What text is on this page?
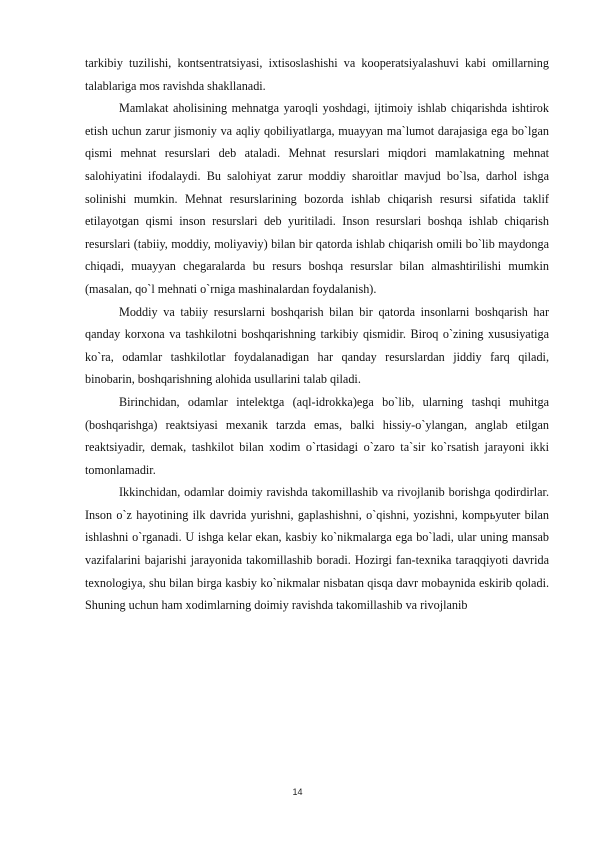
tarkibiy tuzilishi, kontsentratsiyasi, ixtisoslashishi va kooperatsiyalashuvi kabi omillarning talablariga mos ravishda shakllanadi.

Mamlakat aholisining mehnatga yaroqli yoshdagi, ijtimoiy ishlab chiqarishda ishtirok etish uchun zarur jismoniy va aqliy qobiliyatlarga, muayyan ma`lumot darajasiga ega bo`lgan qismi mehnat resurslari deb ataladi. Mehnat resurslari miqdori mamlakatning mehnat salohiyatini ifodalaydi. Bu salohiyat zarur moddiy sharoitlar mavjud bo`lsa, darhol ishga solinishi mumkin. Mehnat resurslarining bozorda ishlab chiqarish resursi sifatida taklif etilayotgan qismi inson resurslari deb yuritiladi. Inson resurslari boshqa ishlab chiqarish resurslari (tabiiy, moddiy, moliyaviy) bilan bir qatorda ishlab chiqarish omili bo`lib maydonga chiqadi, muayyan chegaralarda bu resurs boshqa resurslar bilan almashtirilishi mumkin (masalan, qo`l mehnati o`rniga mashinalardan foydalanish).

Moddiy va tabiiy resurslarni boshqarish bilan bir qatorda insonlarni boshqarish har qanday korxona va tashkilotni boshqarishning tarkibiy qismidir. Biroq o`zining xususiyatiga ko`ra, odamlar tashkilotlar foydalanadigan har qanday resurslardan jiddiy farq qiladi, binobarin, boshqarishning alohida usullarini talab qiladi.

Birinchidan, odamlar intelektga (aql-idrokka)ega bo`lib, ularning tashqi muhitga (boshqarishga) reaktsiyasi mexanik tarzda emas, balki hissiy-o`ylangan, anglab etilgan reaktsiyadir, demak, tashkilot bilan xodim o`rtasidagi o`zaro ta`sir ko`rsatish jarayoni ikki tomonlamadir.

Ikkinchidan, odamlar doimiy ravishda takomillashib va rivojlanib borishga qodirdirlar. Inson o`z hayotining ilk davrida yurishni, gaplashishni, o`qishni, yozishni, kompьyuter bilan ishlashni o`rganadi. U ishga kelar ekan, kasbiy ko`nikmalarga ega bo`ladi, ular uning mansab vazifalarini bajarishi jarayonida takomillashib boradi. Hozirgi fan-texnika taraqqiyoti davrida texnologiya, shu bilan birga kasbiy ko`nikmalar nisbatan qisqa davr mobaynida eskirib qoladi. Shuning uchun ham xodimlarning doimiy ravishda takomillashib va rivojlanib

14
